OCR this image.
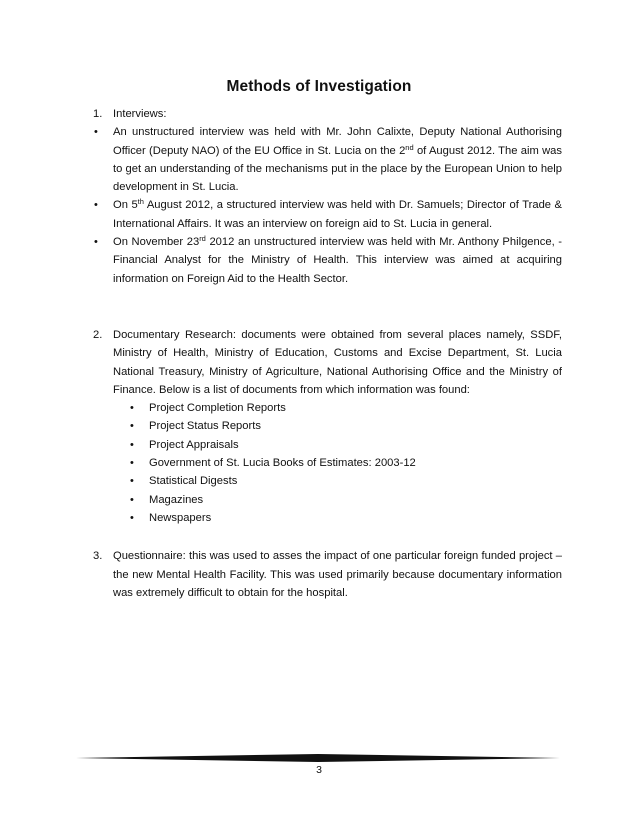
Methods of Investigation
1. Interviews:
• An unstructured interview was held with Mr. John Calixte, Deputy National Authorising Officer (Deputy NAO) of the EU Office in St. Lucia on the 2nd of August 2012. The aim was to get an understanding of the mechanisms put in the place by the European Union to help development in St. Lucia.
• On 5th August 2012, a structured interview was held with Dr. Samuels; Director of Trade & International Affairs. It was an interview on foreign aid to St. Lucia in general.
• On November 23rd 2012 an unstructured interview was held with Mr. Anthony Philgence, - Financial Analyst for the Ministry of Health. This interview was aimed at acquiring information on Foreign Aid to the Health Sector.
2. Documentary Research: documents were obtained from several places namely, SSDF, Ministry of Health, Ministry of Education, Customs and Excise Department, St. Lucia National Treasury, Ministry of Agriculture, National Authorising Office and the Ministry of Finance. Below is a list of documents from which information was found:
• Project Completion Reports
• Project Status Reports
• Project Appraisals
• Government of St. Lucia Books of Estimates: 2003-12
• Statistical Digests
• Magazines
• Newspapers
3. Questionnaire: this was used to asses the impact of one particular foreign funded project – the new Mental Health Facility. This was used primarily because documentary information was extremely difficult to obtain for the hospital.
3
